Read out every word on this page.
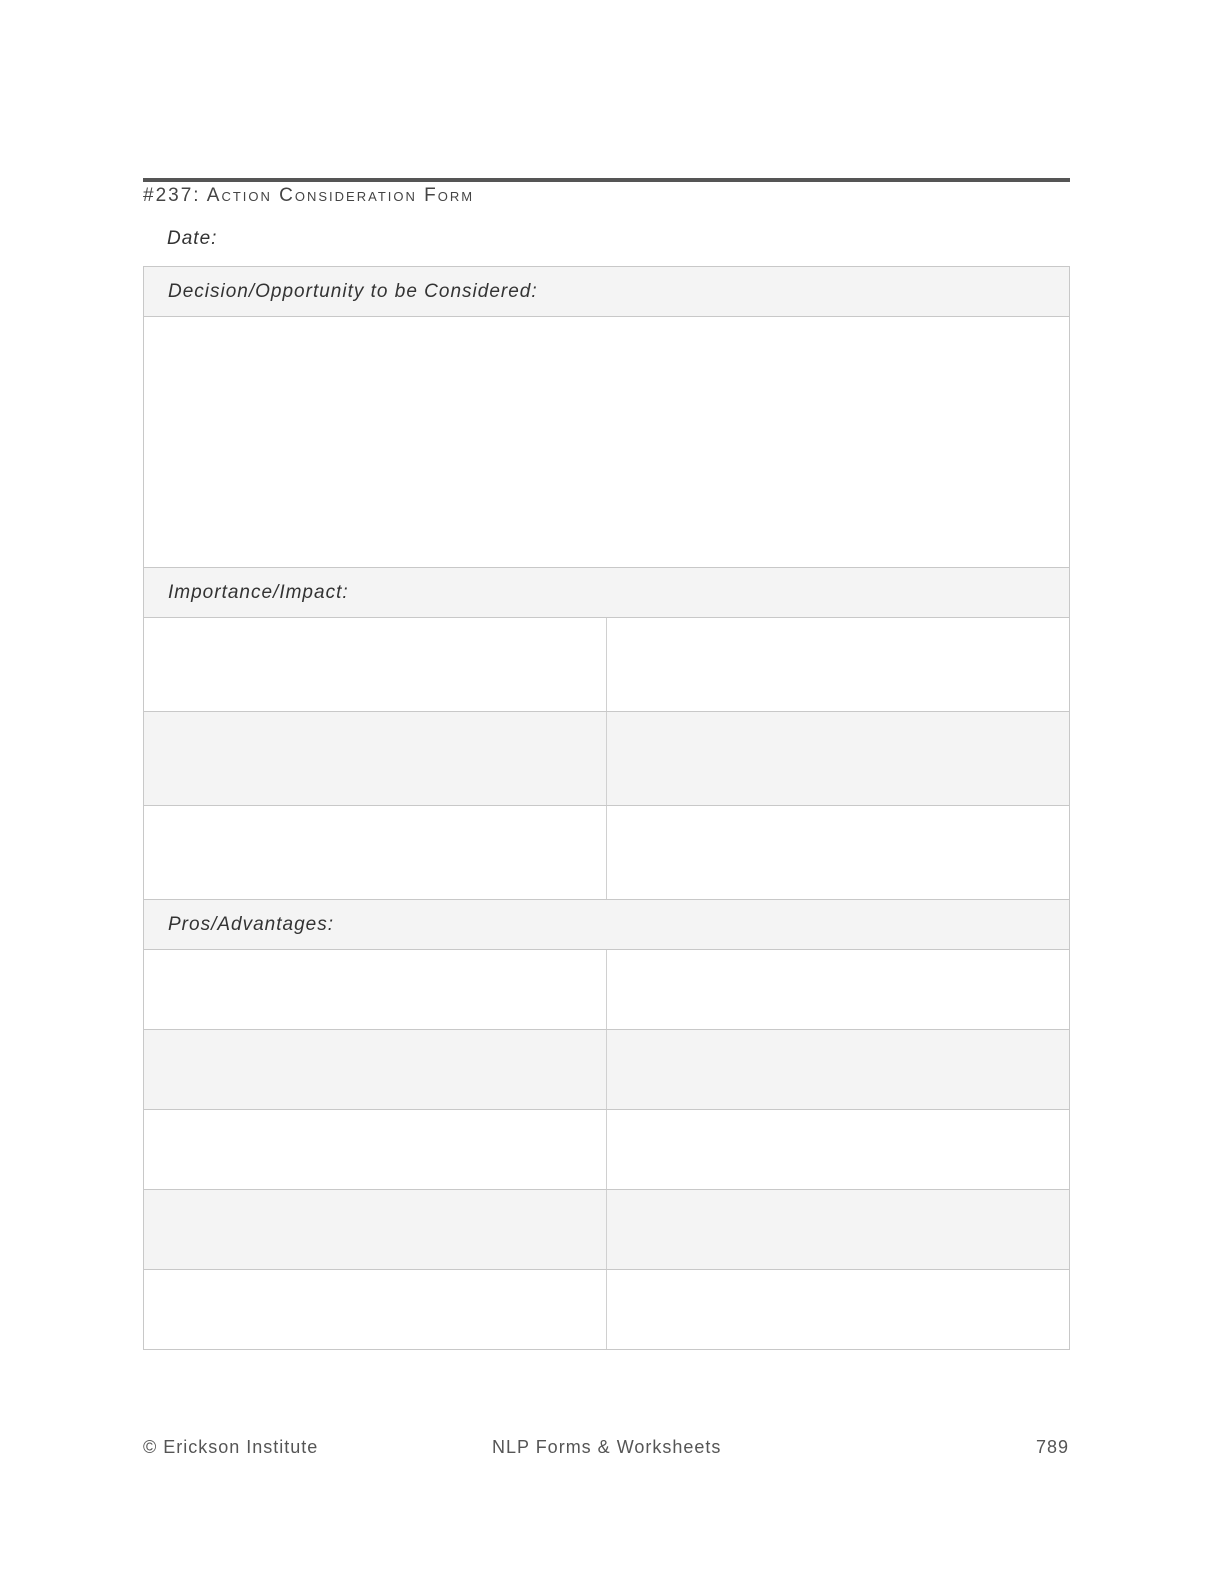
#237: Action Consideration Form
Date:
Decision/Opportunity to be Considered:
Importance/Impact:
Pros/Advantages:
© Erickson Institute	NLP Forms & Worksheets	789
